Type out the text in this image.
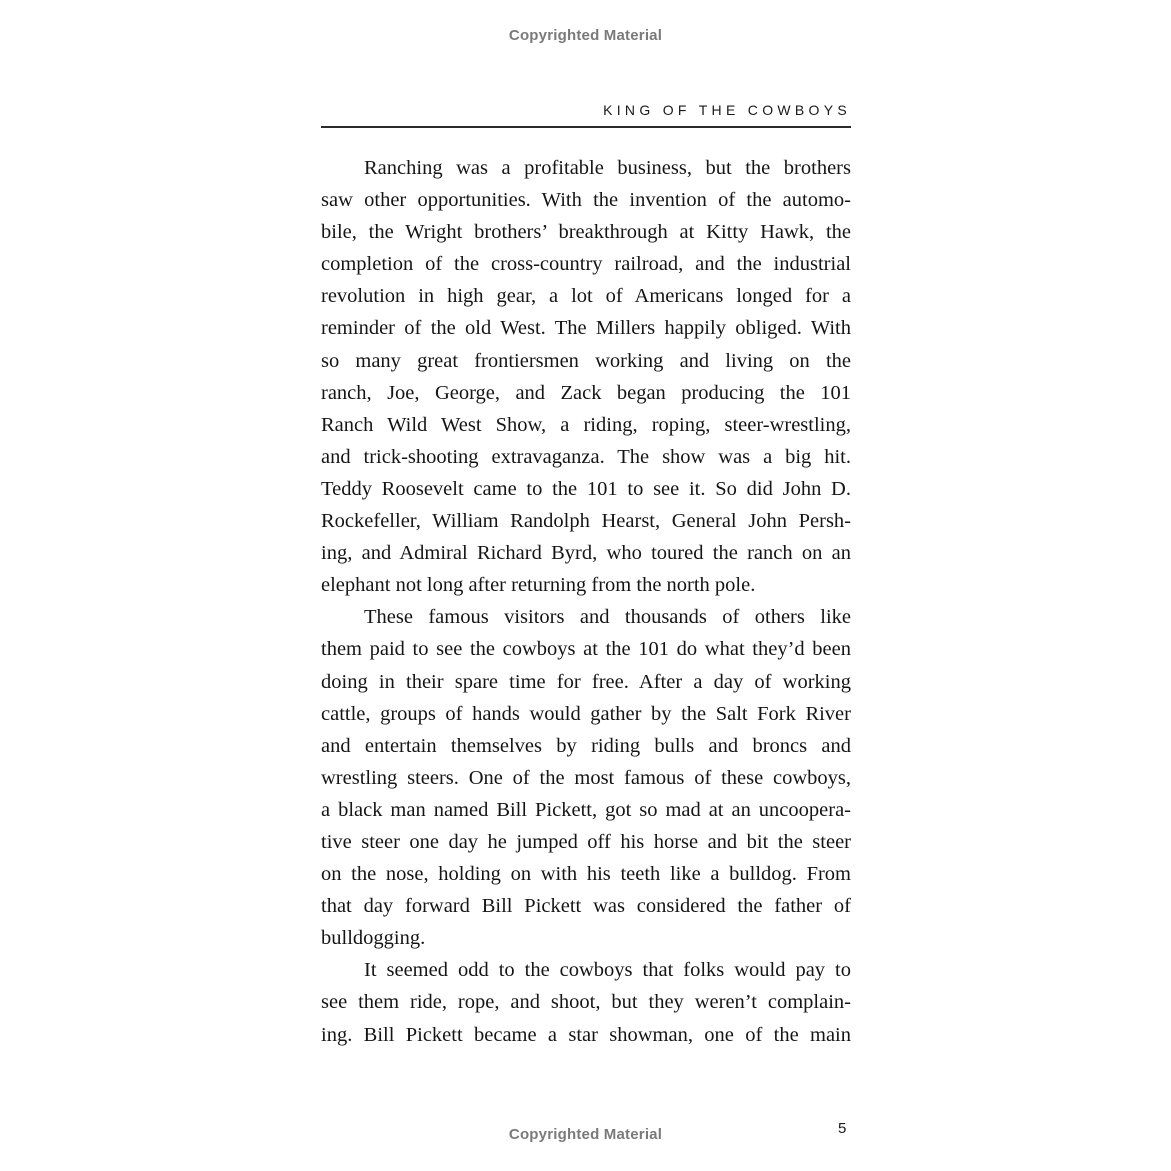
Copyrighted Material
KING OF THE COWBOYS
Ranching was a profitable business, but the brothers
saw other opportunities. With the invention of the automo-
bile, the Wright brothers’ breakthrough at Kitty Hawk, the
completion of the cross-country railroad, and the industrial
revolution in high gear, a lot of Americans longed for a
reminder of the old West. The Millers happily obliged. With
so many great frontiersmen working and living on the
ranch, Joe, George, and Zack began producing the 101
Ranch Wild West Show, a riding, roping, steer-wrestling,
and trick-shooting extravaganza. The show was a big hit.
Teddy Roosevelt came to the 101 to see it. So did John D.
Rockefeller, William Randolph Hearst, General John Persh-
ing, and Admiral Richard Byrd, who toured the ranch on an
elephant not long after returning from the north pole.
These famous visitors and thousands of others like
them paid to see the cowboys at the 101 do what they’d been
doing in their spare time for free. After a day of working
cattle, groups of hands would gather by the Salt Fork River
and entertain themselves by riding bulls and broncs and
wrestling steers. One of the most famous of these cowboys,
a black man named Bill Pickett, got so mad at an uncoopera-
tive steer one day he jumped off his horse and bit the steer
on the nose, holding on with his teeth like a bulldog. From
that day forward Bill Pickett was considered the father of
bulldogging.
It seemed odd to the cowboys that folks would pay to
see them ride, rope, and shoot, but they weren’t complain-
ing. Bill Pickett became a star showman, one of the main
5
Copyrighted Material
